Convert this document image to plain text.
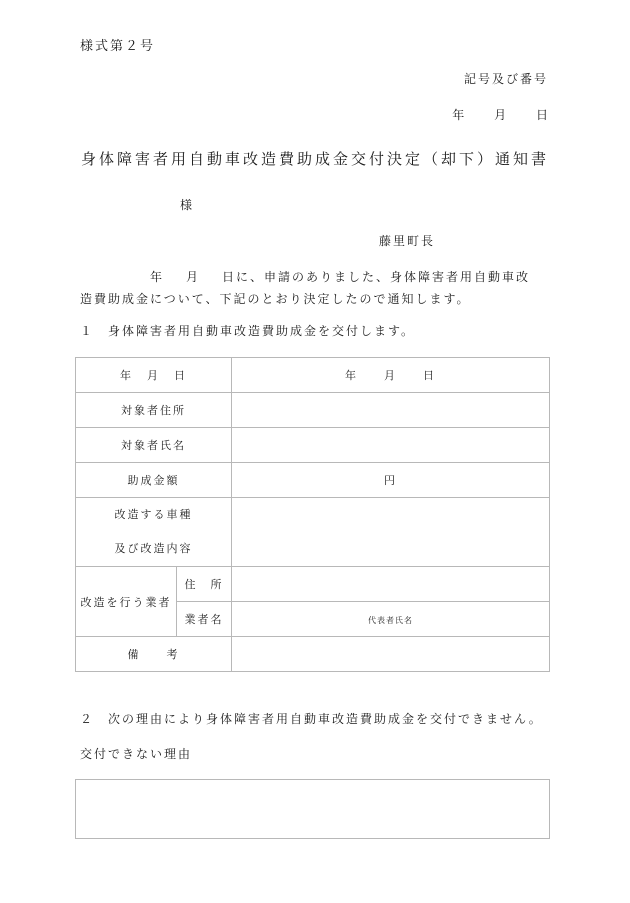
様式第２号
記号及び番号
年 月 日
身体障害者用自動車改造費助成金交付決定（却下）通知書
様
藤里町長
年 月 日に、申請のありました、身体障害者用自動車改
造費助成金について、下記のとおり決定したので通知します。
１　身体障害者用自動車改造費助成金を交付します。
年 月 日		年 月 日
対象者住所		
対象者氏名		
助成金額		円

改造する車種
及び改造内容		

改造を行う業者	住　所	
	業者名	代表者氏名
備　　考		
２　次の理由により身体障害者用自動車改造費助成金を交付できません。
交付できない理由
